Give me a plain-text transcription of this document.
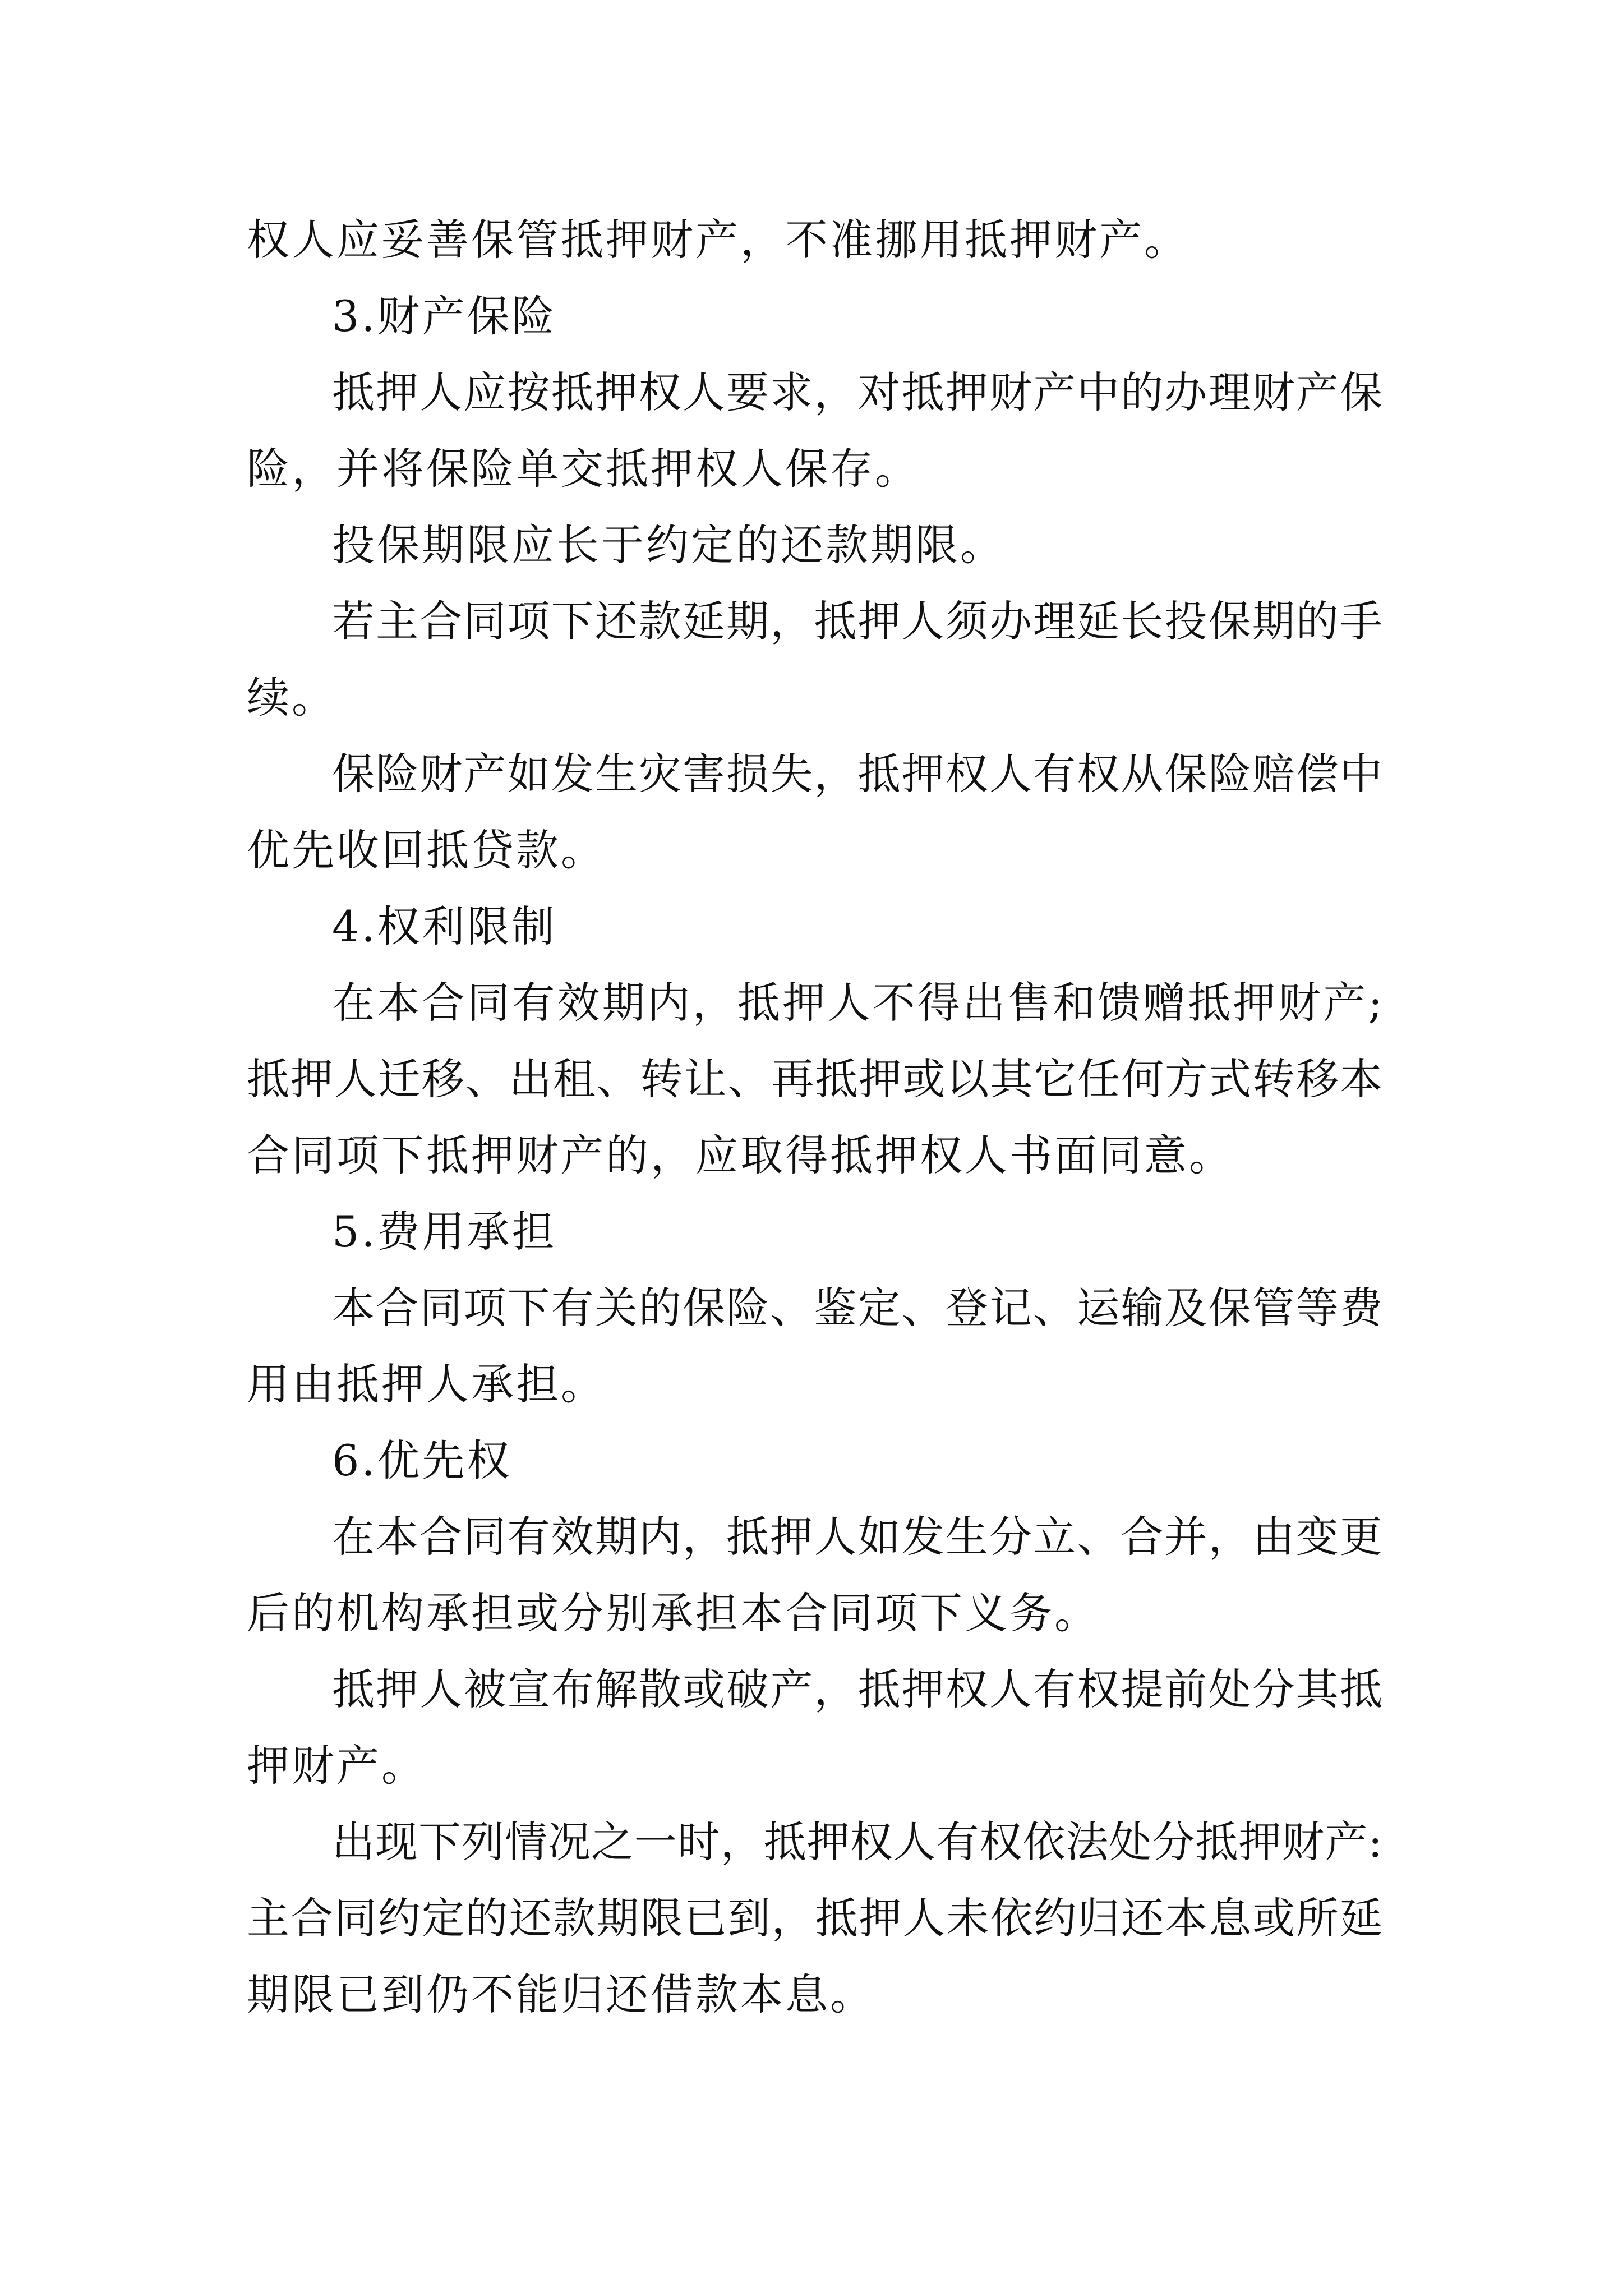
权人应妥善保管抵押财产，不准挪用抵押财产。
3.财产保险
抵押人应按抵押权人要求，对抵押财产中的办理财产保
险，并将保险单交抵押权人保存。
投保期限应长于约定的还款期限。
若主合同项下还款延期，抵押人须办理延长投保期的手
续。
保险财产如发生灾害损失，抵押权人有权从保险赔偿中
优先收回抵贷款。
4.权利限制
在本合同有效期内，抵押人不得出售和馈赠抵押财产;
抵押人迁移、出租、转让、再抵押或以其它任何方式转移本
合同项下抵押财产的，应取得抵押权人书面同意。
5.费用承担
本合同项下有关的保险、鉴定、登记、运输及保管等费
用由抵押人承担。
6.优先权
在本合同有效期内，抵押人如发生分立、合并，由变更
后的机构承担或分别承担本合同项下义务。
抵押人被宣布解散或破产，抵押权人有权提前处分其抵
押财产。
出现下列情况之一时，抵押权人有权依法处分抵押财产:
主合同约定的还款期限已到，抵押人未依约归还本息或所延
期限已到仍不能归还借款本息。
